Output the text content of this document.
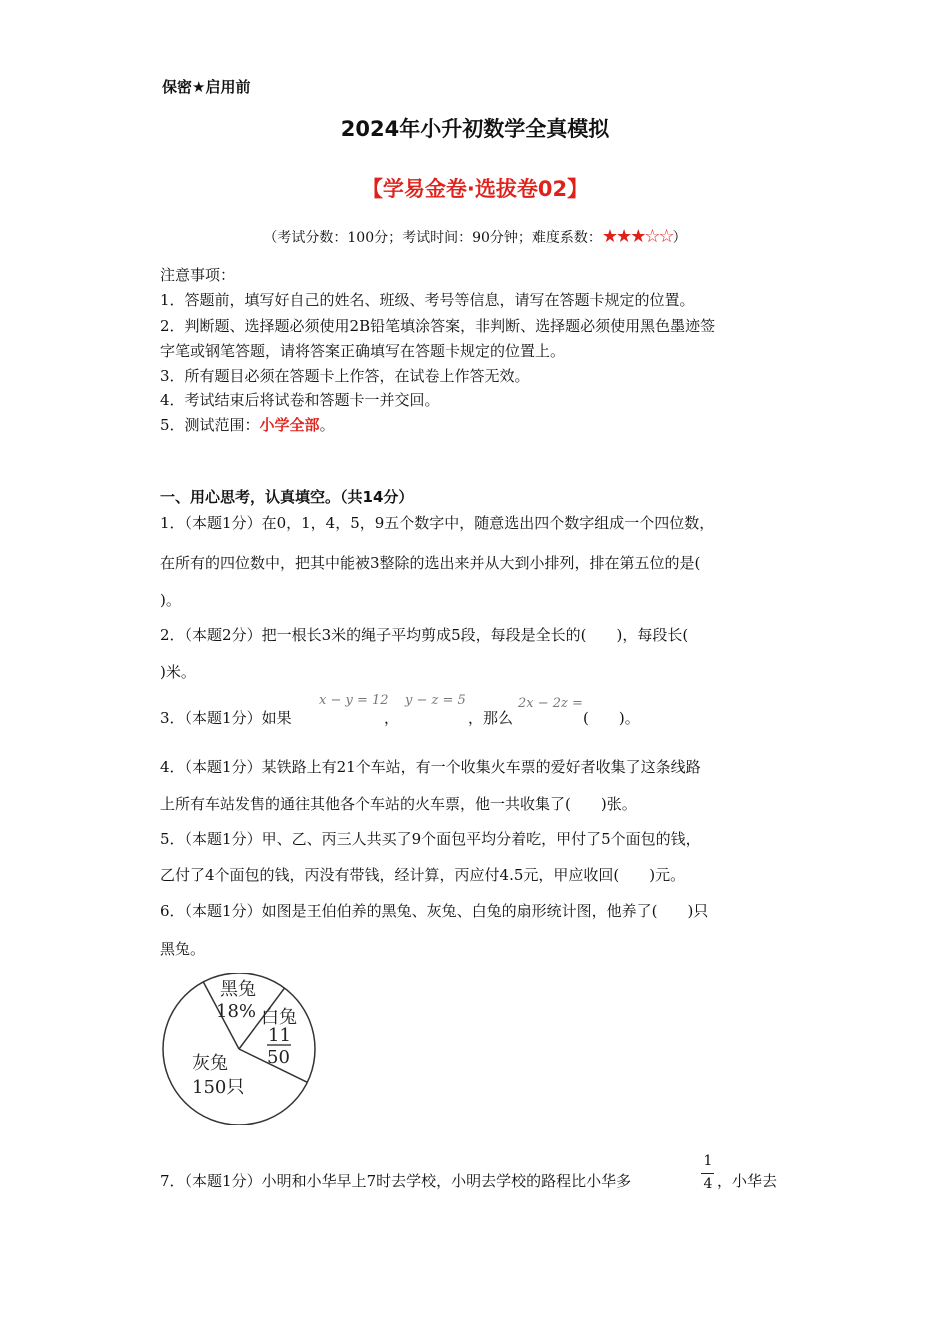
保密★启用前
2024年小升初数学全真模拟
【学易金卷·选拔卷02】
（考试分数：100分；考试时间：90分钟；难度系数：★★★☆☆）
注意事项：
1．答题前，填写好自己的姓名、班级、考号等信息，请写在答题卡规定的位置。
2．判断题、选择题必须使用2B铅笔填涂答案，非判断、选择题必须使用黑色墨迹签
字笔或钢笔答题，请将答案正确填写在答题卡规定的位置上。
3．所有题目必须在答题卡上作答，在试卷上作答无效。
4．考试结束后将试卷和答题卡一并交回。
5．测试范围：小学全部。
一、用心思考，认真填空。（共14分）
1．（本题1分）在0，1，4，5，9五个数字中，随意选出四个数字组成一个四位数，
在所有的四位数中，把其中能被3整除的选出来并从大到小排列，排在第五位的是(
)。
2．（本题2分）把一根长3米的绳子平均剪成5段，每段是全长的(　　)，每段长(
)米。
3．（本题1分）如果
x − y = 12
，
y − z = 5
，那么
2x − 2z =
(　　)。
4．（本题1分）某铁路上有21个车站，有一个收集火车票的爱好者收集了这条线路
上所有车站发售的通往其他各个车站的火车票，他一共收集了(　　)张。
5．（本题1分）甲、乙、丙三人共买了9个面包平均分着吃，甲付了5个面包的钱，
乙付了4个面包的钱，丙没有带钱，经计算，丙应付4.5元，甲应收回(　　)元。
6．（本题1分）如图是王伯伯养的黑兔、灰兔、白兔的扇形统计图，他养了(　　)只
黑兔。
黑兔
18% 白兔
11
50
灰兔
150只
7．（本题1分）小明和小华早上7时去学校，小明去学校的路程比小华多
1
4 ，小华去
